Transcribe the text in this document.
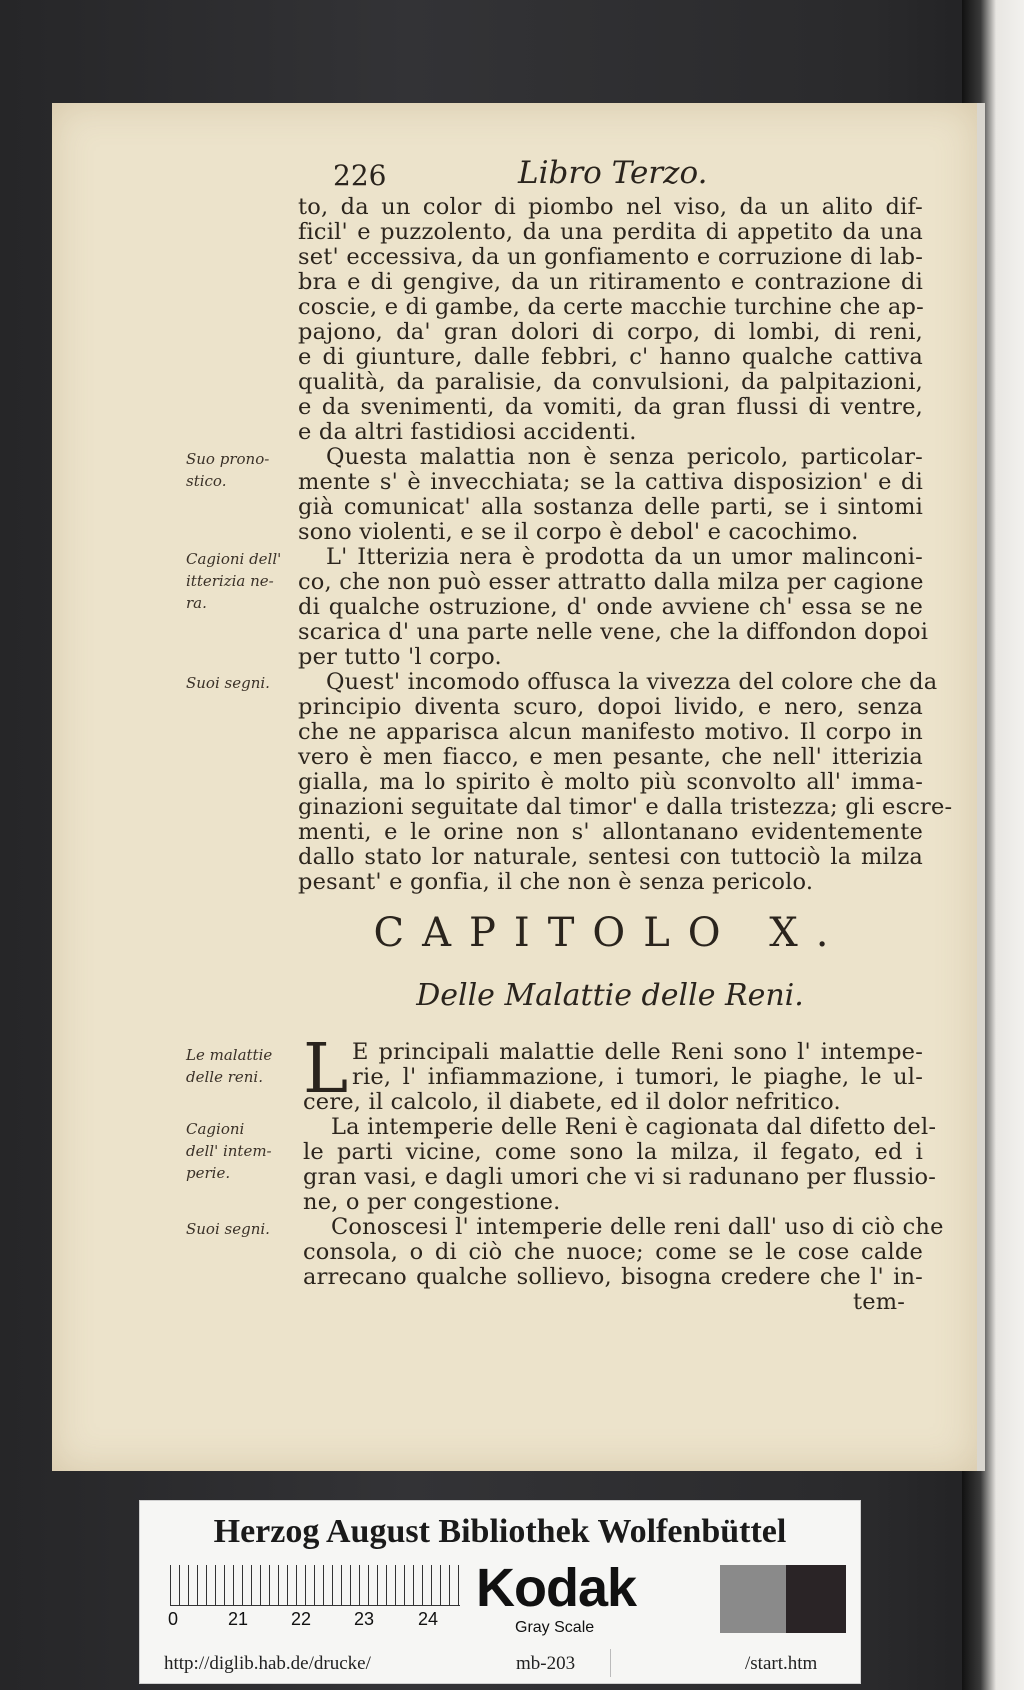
226	Libro Terzo.
to, da un color di piombo nel viso, da un alito dif-
ficil' e puzzolento, da una perdita di appetito da una
set' eccessiva, da un gonfiamento e corruzione di lab-
bra e di gengive, da un ritiramento e contrazione di
coscie, e di gambe, da certe macchie turchine che ap-
pajono, da' gran dolori di corpo, di lombi, di reni,
e di giunture, dalle febbri, c' hanno qualche cattiva
qualità, da paralisie, da convulsioni, da palpitazioni,
e da svenimenti, da vomiti, da gran flussi di ventre,
e da altri fastidiosi accidenti.
Suo prono-
stico.
Questa malattia non è senza pericolo, particolar-
mente s' è invecchiata; se la cattiva disposizion' e di
già comunicat' alla sostanza delle parti, se i sintomi
sono violenti, e se il corpo è debol' e cacochimo.
Cagioni dell'
itterizia ne-
ra.
L' Itterizia nera è prodotta da un umor malinconi-
co, che non può esser attratto dalla milza per cagione
di qualche ostruzione, d' onde avviene ch' essa se ne
scarica d' una parte nelle vene, che la diffondon dopoi
per tutto 'l corpo.
Suoi segni.	Quest' incomodo offusca la vivezza del colore che da
principio diventa scuro, dopoi livido, e nero, senza
che ne apparisca alcun manifesto motivo. Il corpo in
vero è men fiacco, e men pesante, che nell' itterizia
gialla, ma lo spirito è molto più sconvolto all' imma-
ginazioni seguitate dal timor' e dalla tristezza; gli escre-
menti, e le orine non s' allontanano evidentemente
dallo stato lor naturale, sentesi con tuttociò la milza
pesant' e gonfia, il che non è senza pericolo.
CAPITOLO X.
Delle Malattie delle Reni.
Le malattie
delle reni. L E principali malattie delle Reni sono l' intempe-
rie, l' infiammazione, i tumori, le piaghe, le ul-
cere, il calcolo, il diabete, ed il dolor nefritico.
Cagioni
dell' intem-
perie.
La intemperie delle Reni è cagionata dal difetto del-
le parti vicine, come sono la milza, il fegato, ed i
gran vasi, e dagli umori che vi si radunano per flussio-
ne, o per congestione.
Suoi segni.	Conoscesi l' intemperie delle reni dall' uso di ciò che
consola, o di ciò che nuoce; come se le cose calde
arrecano qualche sollievo, bisogna credere che l' in-
tem-
Herzog August Bibliothek Wolfenbüttel
0	21 22 23 24
Kodak
Gray Scale
http://diglib.hab.de/drucke/	mb-203	/start.htm
